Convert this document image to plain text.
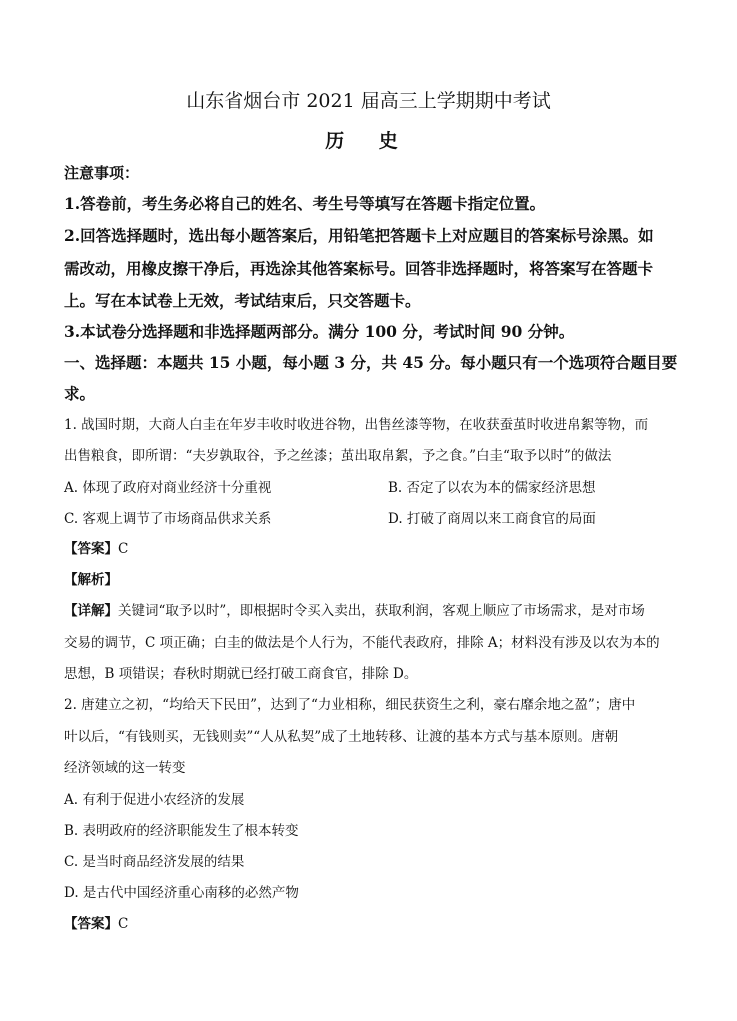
山东省烟台市 2021 届高三上学期期中考试
历 史
注意事项：
1.答卷前，考生务必将自己的姓名、考生号等填写在答题卡指定位置。
2.回答选择题时，选出每小题答案后，用铅笔把答题卡上对应题目的答案标号涂黑。如
需改动，用橡皮擦干净后，再选涂其他答案标号。回答非选择题时，将答案写在答题卡
上。写在本试卷上无效，考试结束后，只交答题卡。
3.本试卷分选择题和非选择题两部分。满分 100 分，考试时间 90 分钟。
一、选择题：本题共 15 小题，每小题 3 分，共 45 分。每小题只有一个选项符合题目要
求。
1. 战国时期，大商人白圭在年岁丰收时收进谷物，出售丝漆等物，在收获蚕茧时收进帛絮等物，而
出售粮食，即所谓：“夫岁孰取谷，予之丝漆；茧出取帛絮，予之食。”白圭“取予以时”的做法
A. 体现了政府对商业经济十分重视	B. 否定了以农为本的儒家经济思想
C. 客观上调节了市场商品供求关系	D. 打破了商周以来工商食官的局面
【答案】C
【解析】
【详解】关键词“取予以时”，即根据时令买入卖出，获取利润，客观上顺应了市场需求，是对市场
交易的调节，C 项正确；白圭的做法是个人行为，不能代表政府，排除 A；材料没有涉及以农为本的
思想，B 项错误；春秋时期就已经打破工商食官，排除 D。
2. 唐建立之初，“均给天下民田”，达到了“力业相称，细民获资生之利，豪右靡余地之盈”；唐中
叶以后，“有钱则买，无钱则卖”“人从私契”成了土地转移、让渡的基本方式与基本原则。唐朝
经济领域的这一转变
A. 有利于促进小农经济的发展
B. 表明政府的经济职能发生了根本转变
C. 是当时商品经济发展的结果
D. 是古代中国经济重心南移的必然产物
【答案】C
